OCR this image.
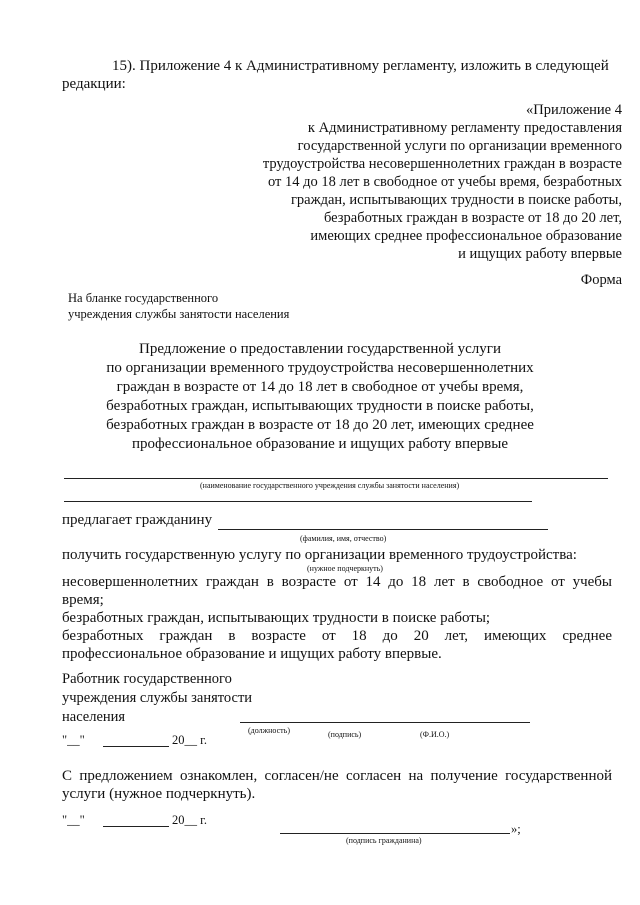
15). Приложение 4 к Административному регламенту, изложить в следующей
редакции:
«Приложение 4
к Административному регламенту предоставления
государственной услуги по организации временного
трудоустройства несовершеннолетних граждан в возрасте
от 14 до 18 лет в свободное от учебы время, безработных
граждан, испытывающих трудности в поиске работы,
безработных граждан в возрасте от 18 до 20 лет,
имеющих среднее профессиональное образование
и ищущих работу впервые
Форма
На бланке государственного
учреждения службы занятости населения
Предложение о предоставлении государственной услуги
по организации временного трудоустройства несовершеннолетних
граждан в возрасте от 14 до 18 лет в свободное от учебы время,
безработных граждан, испытывающих трудности в поиске работы,
безработных граждан в возрасте от 18 до 20 лет, имеющих среднее
профессиональное образование и ищущих работу впервые
(наименование государственного учреждения службы занятости населения)
предлагает гражданину
(фамилия, имя, отчество)
получить государственную услугу по организации временного трудоустройства:
(нужное подчеркнуть)
несовершеннолетних граждан в возрасте от 14 до 18 лет в свободное от учебы
время;
безработных граждан, испытывающих трудности в поиске работы;
безработных граждан в возрасте от 18 до 20 лет, имеющих среднее
профессиональное образование и ищущих работу впервые.
Работник государственного
учреждения службы занятости
населения
(должность)	(подпись)	(Ф.И.О.)
"__"	20__ г.
С предложением ознакомлен, согласен/не согласен на получение государственной
услуги (нужное подчеркнуть).
"__"	20__ г.
»;
(подпись гражданина)
